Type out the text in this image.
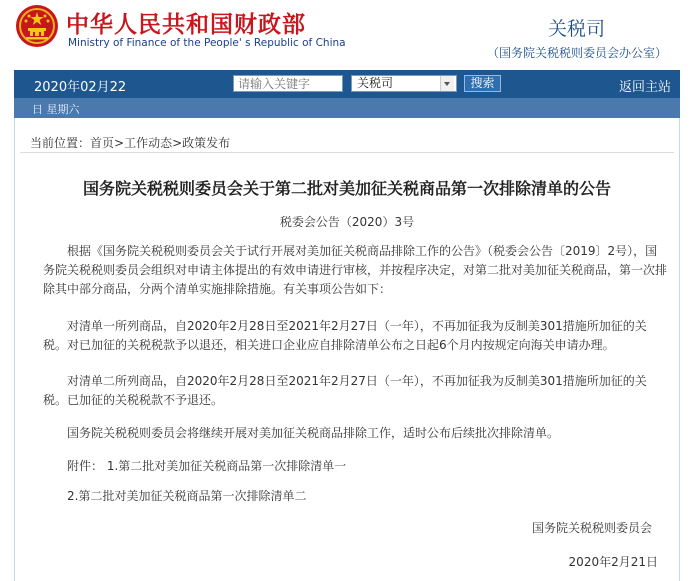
中华人民共和国财政部
Ministry of Finance of the People' s Republic of China
关税司
（国务院关税税则委员会办公室）
2020年02月22
请输入关键字	关税司	搜索	返回主站
日 星期六
当前位置：首页>工作动态>政策发布
国务院关税税则委员会关于第二批对美加征关税商品第一次排除清单的公告
税委会公告（2020）3号
根据《国务院关税税则委员会关于试行开展对美加征关税商品排除工作的公告》（税委会公告〔2019〕2号），国务院关税税则委员会组织对申请主体提出的有效申请进行审核，并按程序决定，对第二批对美加征关税商品，第一次排除其中部分商品，分两个清单实施排除措施。有关事项公告如下：
对清单一所列商品，自2020年2月28日至2021年2月27日（一年），不再加征我为反制美301措施所加征的关税。对已加征的关税税款予以退还，相关进口企业应自排除清单公布之日起6个月内按规定向海关申请办理。
对清单二所列商品，自2020年2月28日至2021年2月27日（一年），不再加征我为反制美301措施所加征的关税。已加征的关税税款不予退还。
国务院关税税则委员会将继续开展对美加征关税商品排除工作，适时公布后续批次排除清单。
附件： 1.第二批对美加征关税商品第一次排除清单一
2.第二批对美加征关税商品第一次排除清单二
国务院关税税则委员会
2020年2月21日
